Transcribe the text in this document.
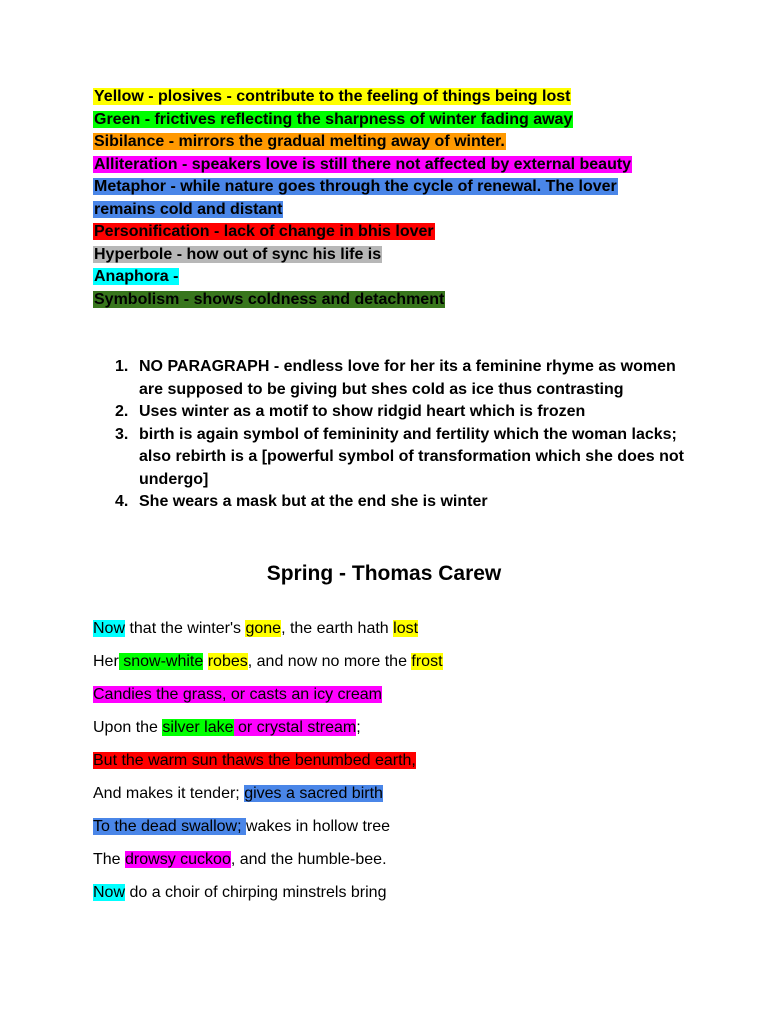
Yellow - plosives - contribute to the feeling of things being lost
Green - frictives reflecting the sharpness of winter fading away
Sibilance - mirrors the gradual melting away of winter.
Alliteration - speakers love is still there not affected by external beauty
Metaphor - while nature goes through the cycle of renewal. The lover remains cold and distant
Personification - lack of change in bhis lover
Hyperbole - how out of sync his life is
Anaphora -
Symbolism - shows coldness and detachment
1. NO PARAGRAPH - endless love for her its a feminine rhyme as women are supposed to be giving but shes cold as ice thus contrasting
2. Uses winter as a motif to show ridgid heart which is frozen
3. birth is again symbol of femininity and fertility which the woman lacks; also rebirth is a [powerful symbol of transformation which she does not undergo]
4. She wears a mask but at the end she is winter
Spring - Thomas Carew
Now that the winter's gone, the earth hath lost
Her snow-white robes, and now no more the frost
Candies the grass, or casts an icy cream
Upon the silver lake or crystal stream;
But the warm sun thaws the benumbed earth,
And makes it tender; gives a sacred birth
To the dead swallow; wakes in hollow tree
The drowsy cuckoo, and the humble-bee.
Now do a choir of chirping minstrels bring
